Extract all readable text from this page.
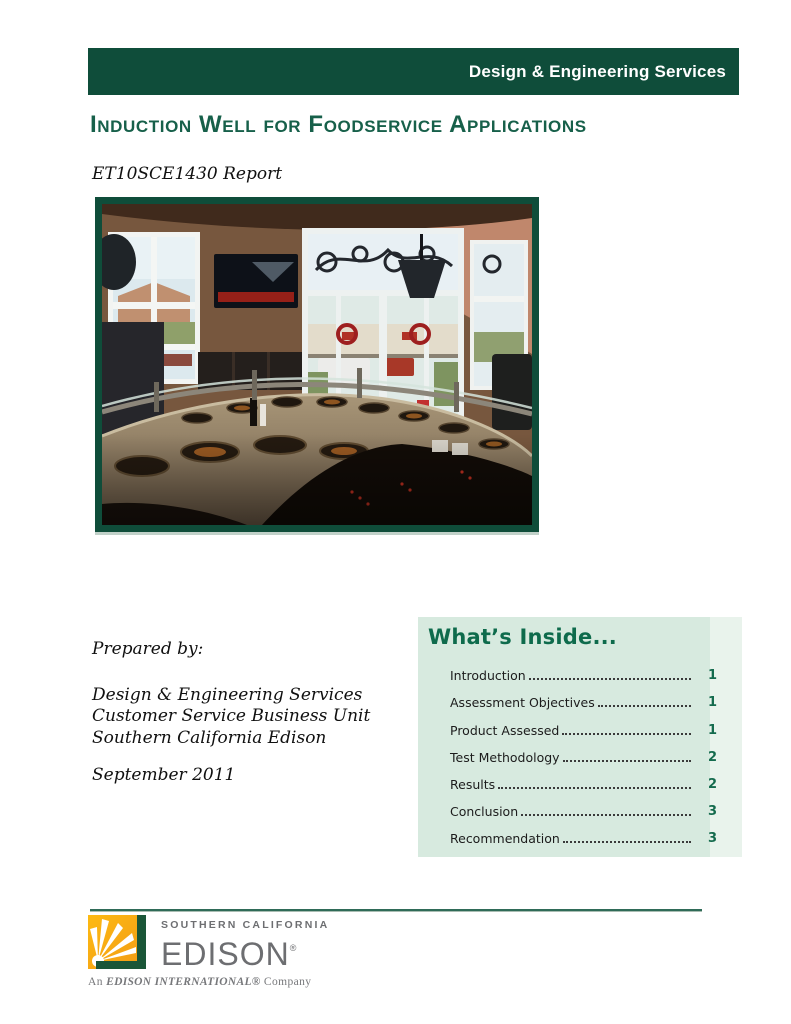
Design & Engineering Services
Induction Well for Foodservice Applications
ET10SCE1430 Report
Prepared by:
Design & Engineering Services
Customer Service Business Unit
Southern California Edison
September 2011
What’s Inside...
Introduction	1
Assessment Objectives	1
Product Assessed	1
Test Methodology	2
Results	2
Conclusion	3
Recommendation	3
SOUTHERN CALIFORNIA
EDISON®
An EDISON INTERNATIONAL® Company
